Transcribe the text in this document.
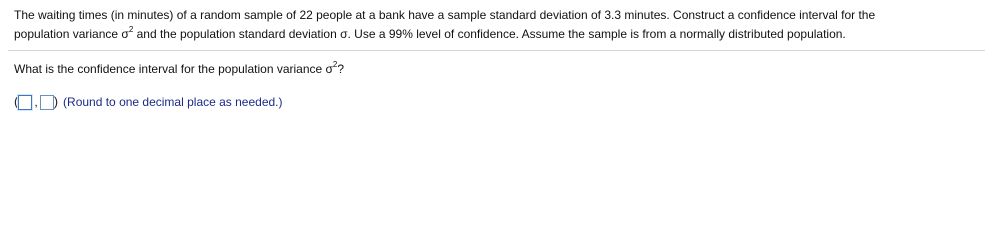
The waiting times (in minutes) of a random sample of 22 people at a bank have a sample standard deviation of 3.3 minutes. Construct a confidence interval for the

population variance $\sigma^2$ and the population standard deviation σ. Use a 99% level of confidence. Assume the sample is from a normally distributed population.

What is the confidence interval for the population variance $\sigma^2$?
( , ) (Round to one decimal place as needed.)
